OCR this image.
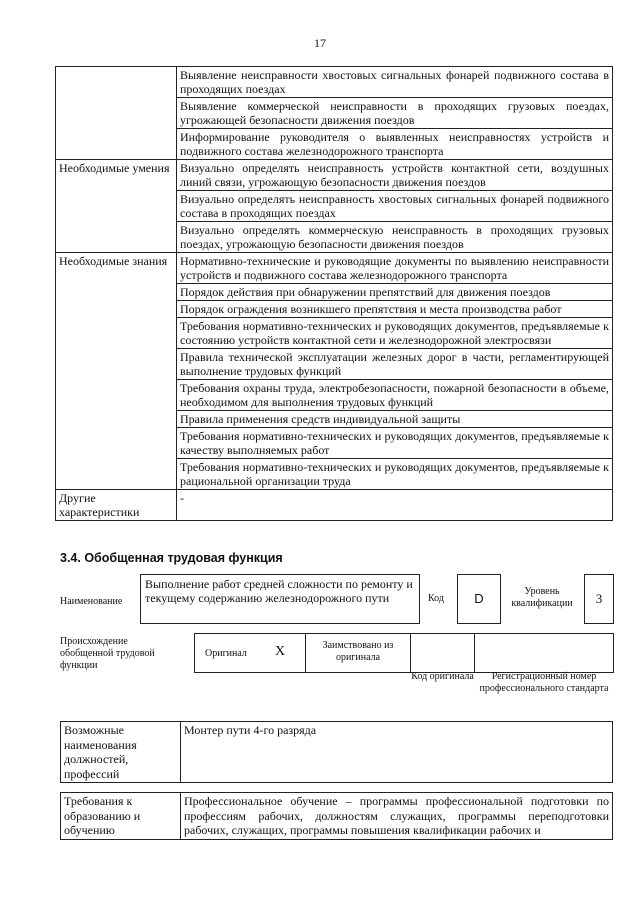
17
	Выявление неисправности хвостовых сигнальных фонарей подвижного состава в проходящих поездах
	Выявление коммерческой неисправности в проходящих грузовых поездах, угрожающей безопасности движения поездов
	Информирование руководителя о выявленных неисправностях устройств и подвижного состава железнодорожного транспорта
Необходимые умения	Визуально определять неисправность устройств контактной сети, воздушных линий связи, угрожающую безопасности движения поездов
	Визуально определять неисправность хвостовых сигнальных фонарей подвижного состава в проходящих поездах
	Визуально определять коммерческую неисправность в проходящих грузовых поездах, угрожающую безопасности движения поездов
Необходимые знания	Нормативно-технические и руководящие документы по выявлению неисправности устройств и подвижного состава железнодорожного транспорта
	Порядок действия при обнаружении препятствий для движения поездов
	Порядок ограждения возникшего препятствия и места производства работ
	Требования нормативно-технических и руководящих документов, предъявляемые к состоянию устройств контактной сети и железнодорожной электросвязи
	Правила технической эксплуатации железных дорог в части, регламентирующей выполнение трудовых функций
	Требования охраны труда, электробезопасности, пожарной безопасности в объеме, необходимом для выполнения трудовых функций
	Правила применения средств индивидуальной защиты
	Требования нормативно-технических и руководящих документов, предъявляемые к качеству выполняемых работ
	Требования нормативно-технических и руководящих документов, предъявляемые к рациональной организации труда
Другие характеристики	-
3.4. Обобщенная трудовая функция
Наименование
Выполнение работ средней сложности по ремонту и текущему содержанию железнодорожного пути	Код	D	Уровень квалификации	3
Происхождение обобщенной трудовой функции
Оригинал X	Заимствовано из оригинала
Код оригинала	Регистрационный номер профессионального стандарта
Возможные наименования должностей, профессий	Монтер пути 4-го разряда
Требования к образованию и обучению	Профессиональное обучение – программы профессиональной подготовки по профессиям рабочих, должностям служащих, программы переподготовки рабочих, служащих, программы повышения квалификации рабочих и
